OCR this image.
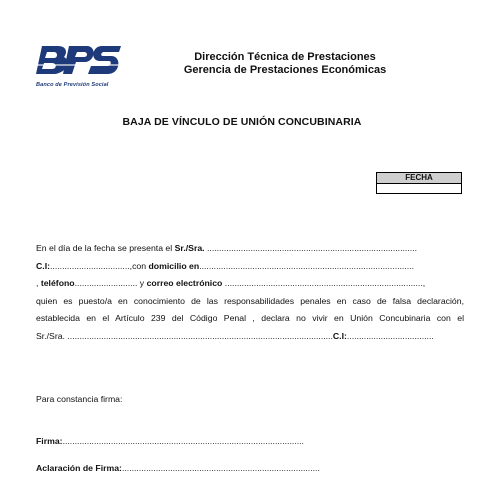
Banco de Previsión Social
Dirección Técnica de Prestaciones
Gerencia de Prestaciones Económicas
BAJA DE VÍNCULO DE UNIÓN CONCUBINARIA
FECHA
En el día de la fecha se presenta el Sr./Sra. .......................................................................................
C.I:.................................,con domicilio en.........................................................................................
, teléfono.......................... y correo electrónico ..................................................................................,
quien es puesto/a en conocimiento de las responsabilidades penales en caso de falsa declaración,
establecida en el Artículo 239 del Código Penal , declara no vivir en Unión Concubinaria con el
Sr./Sra. ..............................................................................................................C.I:....................................
Para constancia firma:
Firma:....................................................................................................
Aclaración de Firma:..................................................................................
